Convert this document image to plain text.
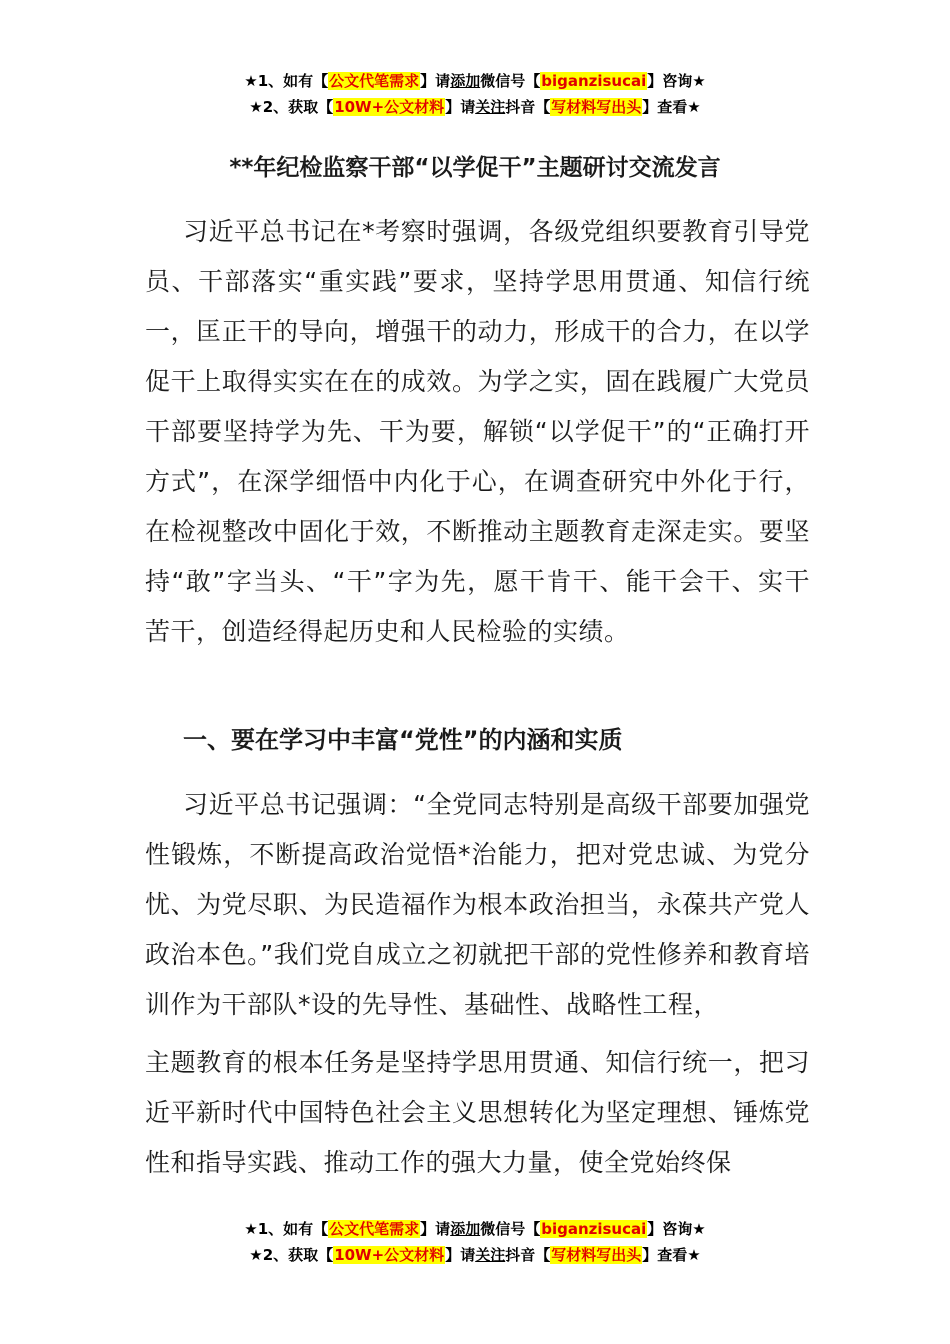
★1、如有【公文代笔需求】请添加微信号【biganzisucai】咨询★
★2、获取【10W+公文材料】请关注抖音【写材料写出头】查看★
**年纪检监察干部“以学促干”主题研讨交流发言

习近平总书记在*考察时强调，各级党组织要教育引导党员、干部落实“重实践”要求，坚持学思用贯通、知信行统一，匡正干的导向，增强干的动力，形成干的合力，在以学促干上取得实实在在的成效。为学之实，固在践履广大党员干部要坚持学为先、干为要，解锁“以学促干”的“正确打开方式”，在深学细悟中内化于心，在调查研究中外化于行，在检视整改中固化于效，不断推动主题教育走深走实。要坚持“敢”字当头、“干”字为先，愿干肯干、能干会干、实干苦干，创造经得起历史和人民检验的实绩。

一、要在学习中丰富“党性”的内涵和实质

习近平总书记强调：“全党同志特别是高级干部要加强党性锻炼，不断提高政治觉悟*治能力，把对党忠诚、为党分忧、为党尽职、为民造福作为根本政治担当，永葆共产党人政治本色。”我们党自成立之初就把干部的党性修养和教育培训作为干部队*设的先导性、基础性、战略性工程，

主题教育的根本任务是坚持学思用贯通、知信行统一，把习近平新时代中国特色社会主义思想转化为坚定理想、锤炼党性和指导实践、推动工作的强大力量，使全党始终保

★1、如有【公文代笔需求】请添加微信号【biganzisucai】咨询★
★2、获取【10W+公文材料】请关注抖音【写材料写出头】查看★
